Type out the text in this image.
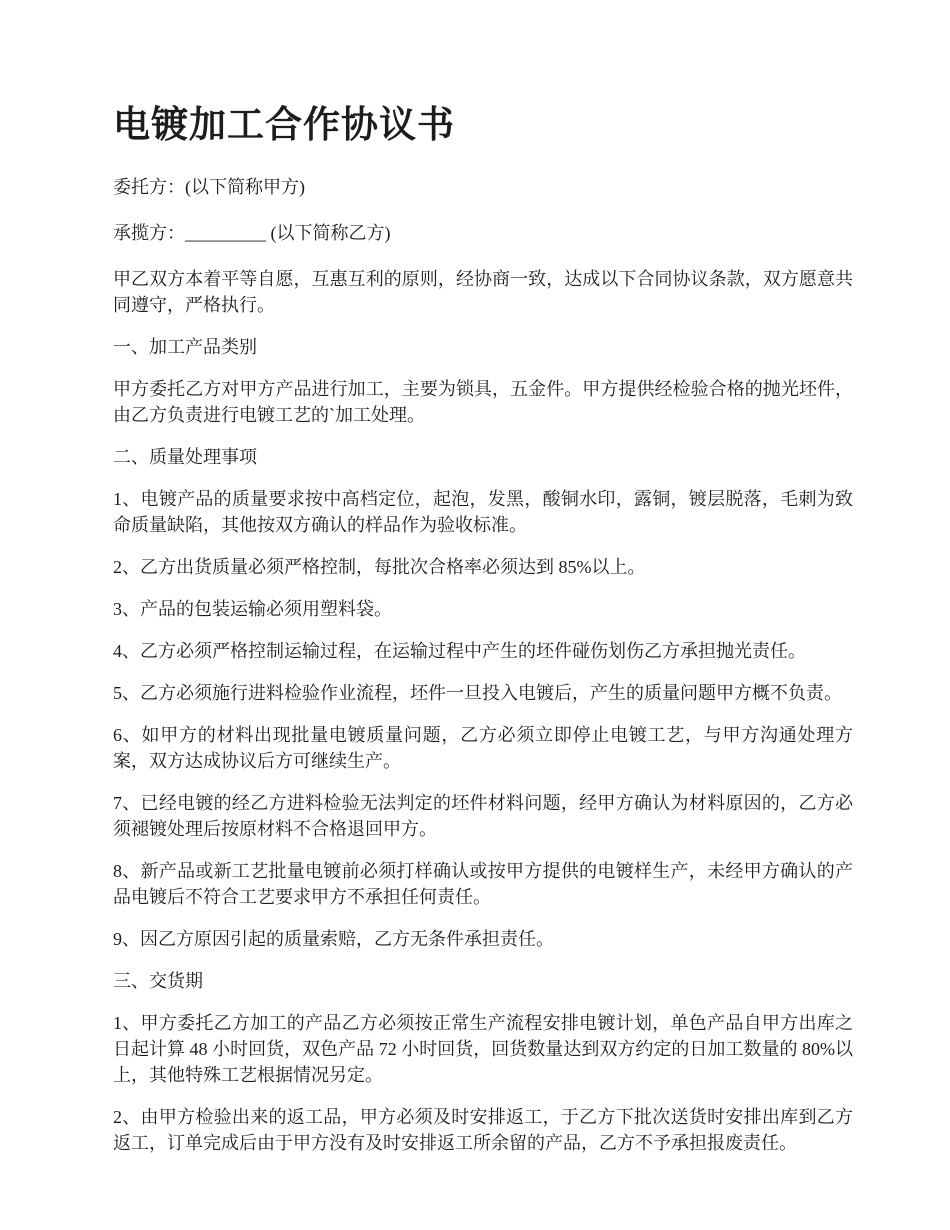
电镀加工合作协议书

委托方：(以下简称甲方)

承揽方：_________ (以下简称乙方)

甲乙双方本着平等自愿，互惠互利的原则，经协商一致，达成以下合同协议条款，双方愿意共同遵守，严格执行。

一、加工产品类别

甲方委托乙方对甲方产品进行加工，主要为锁具，五金件。甲方提供经检验合格的抛光坯件，由乙方负责进行电镀工艺的`加工处理。

二、质量处理事项

1、电镀产品的质量要求按中高档定位，起泡，发黑，酸铜水印，露铜，镀层脱落，毛刺为致命质量缺陷，其他按双方确认的样品作为验收标准。

2、乙方出货质量必须严格控制，每批次合格率必须达到 85%以上。

3、产品的包装运输必须用塑料袋。

4、乙方必须严格控制运输过程，在运输过程中产生的坯件碰伤划伤乙方承担抛光责任。

5、乙方必须施行进料检验作业流程，坯件一旦投入电镀后，产生的质量问题甲方概不负责。

6、如甲方的材料出现批量电镀质量问题，乙方必须立即停止电镀工艺，与甲方沟通处理方案，双方达成协议后方可继续生产。

7、已经电镀的经乙方进料检验无法判定的坯件材料问题，经甲方确认为材料原因的，乙方必须褪镀处理后按原材料不合格退回甲方。

8、新产品或新工艺批量电镀前必须打样确认或按甲方提供的电镀样生产，未经甲方确认的产品电镀后不符合工艺要求甲方不承担任何责任。

9、因乙方原因引起的质量索赔，乙方无条件承担责任。

三、交货期

1、甲方委托乙方加工的产品乙方必须按正常生产流程安排电镀计划，单色产品自甲方出库之日起计算 48 小时回货，双色产品 72 小时回货，回货数量达到双方约定的日加工数量的 80%以上，其他特殊工艺根据情况另定。

2、由甲方检验出来的返工品，甲方必须及时安排返工，于乙方下批次送货时安排出库到乙方返工，订单完成后由于甲方没有及时安排返工所余留的产品，乙方不予承担报废责任。
